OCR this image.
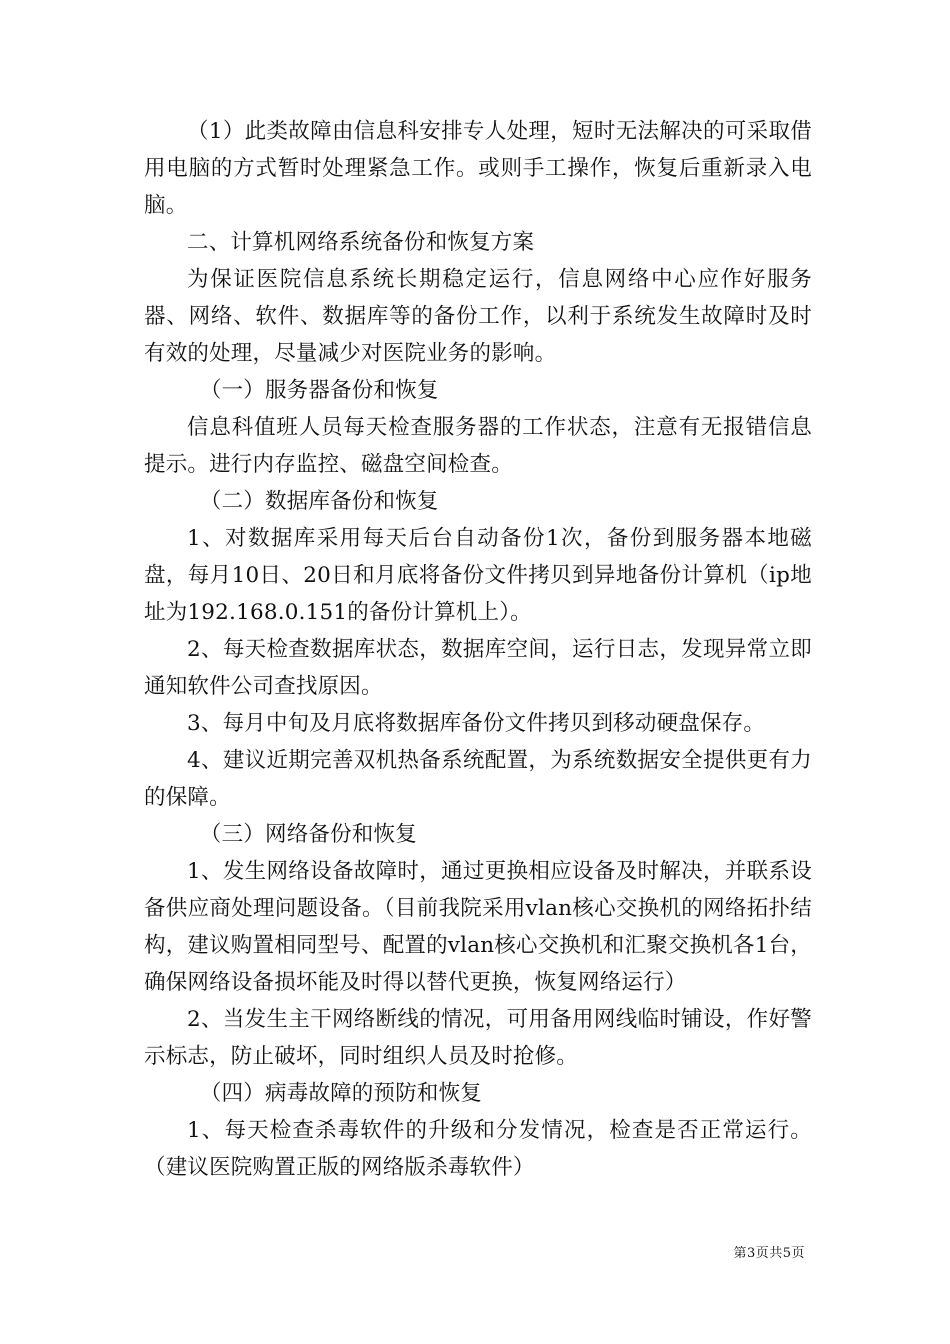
（1）此类故障由信息科安排专人处理，短时无法解决的可采取借用电脑的方式暂时处理紧急工作。或则手工操作，恢复后重新录入电脑。

二、计算机网络系统备份和恢复方案

为保证医院信息系统长期稳定运行，信息网络中心应作好服务器、网络、软件、数据库等的备份工作，以利于系统发生故障时及时有效的处理，尽量减少对医院业务的影响。

（一）服务器备份和恢复

信息科值班人员每天检查服务器的工作状态，注意有无报错信息提示。进行内存监控、磁盘空间检查。

（二）数据库备份和恢复

1、对数据库采用每天后台自动备份1次，备份到服务器本地磁盘，每月10日、20日和月底将备份文件拷贝到异地备份计算机（ip地址为192.168.0.151的备份计算机上）。

2、每天检查数据库状态，数据库空间，运行日志，发现异常立即通知软件公司查找原因。

3、每月中旬及月底将数据库备份文件拷贝到移动硬盘保存。

4、建议近期完善双机热备系统配置，为系统数据安全提供更有力的保障。

（三）网络备份和恢复

1、发生网络设备故障时，通过更换相应设备及时解决，并联系设备供应商处理问题设备。（目前我院采用vlan核心交换机的网络拓扑结构，建议购置相同型号、配置的vlan核心交换机和汇聚交换机各1台，确保网络设备损坏能及时得以替代更换，恢复网络运行）

2、当发生主干网络断线的情况，可用备用网线临时铺设，作好警示标志，防止破坏，同时组织人员及时抢修。

（四）病毒故障的预防和恢复

1、每天检查杀毒软件的升级和分发情况，检查是否正常运行。（建议医院购置正版的网络版杀毒软件）

第3页共5页
